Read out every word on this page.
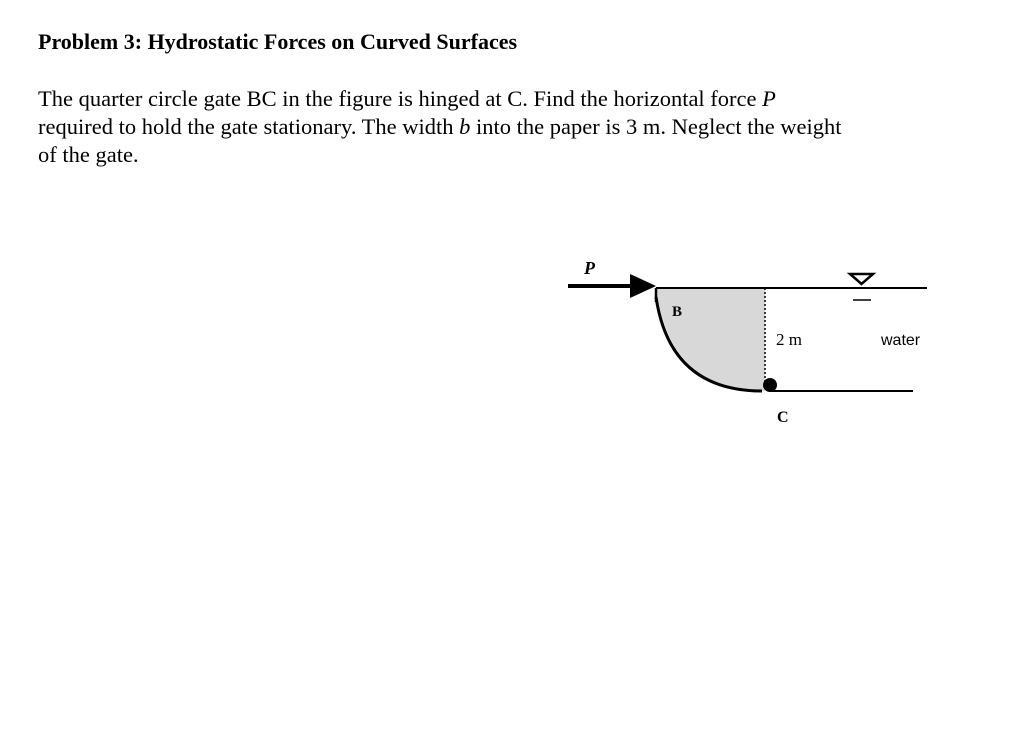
Problem 3: Hydrostatic Forces on Curved Surfaces

The quarter circle gate BC in the figure is hinged at C. Find the horizontal force P

required to hold the gate stationary. The width b into the paper is 3 m. Neglect the weight

of the gate.

P
B
2 m	water
C
